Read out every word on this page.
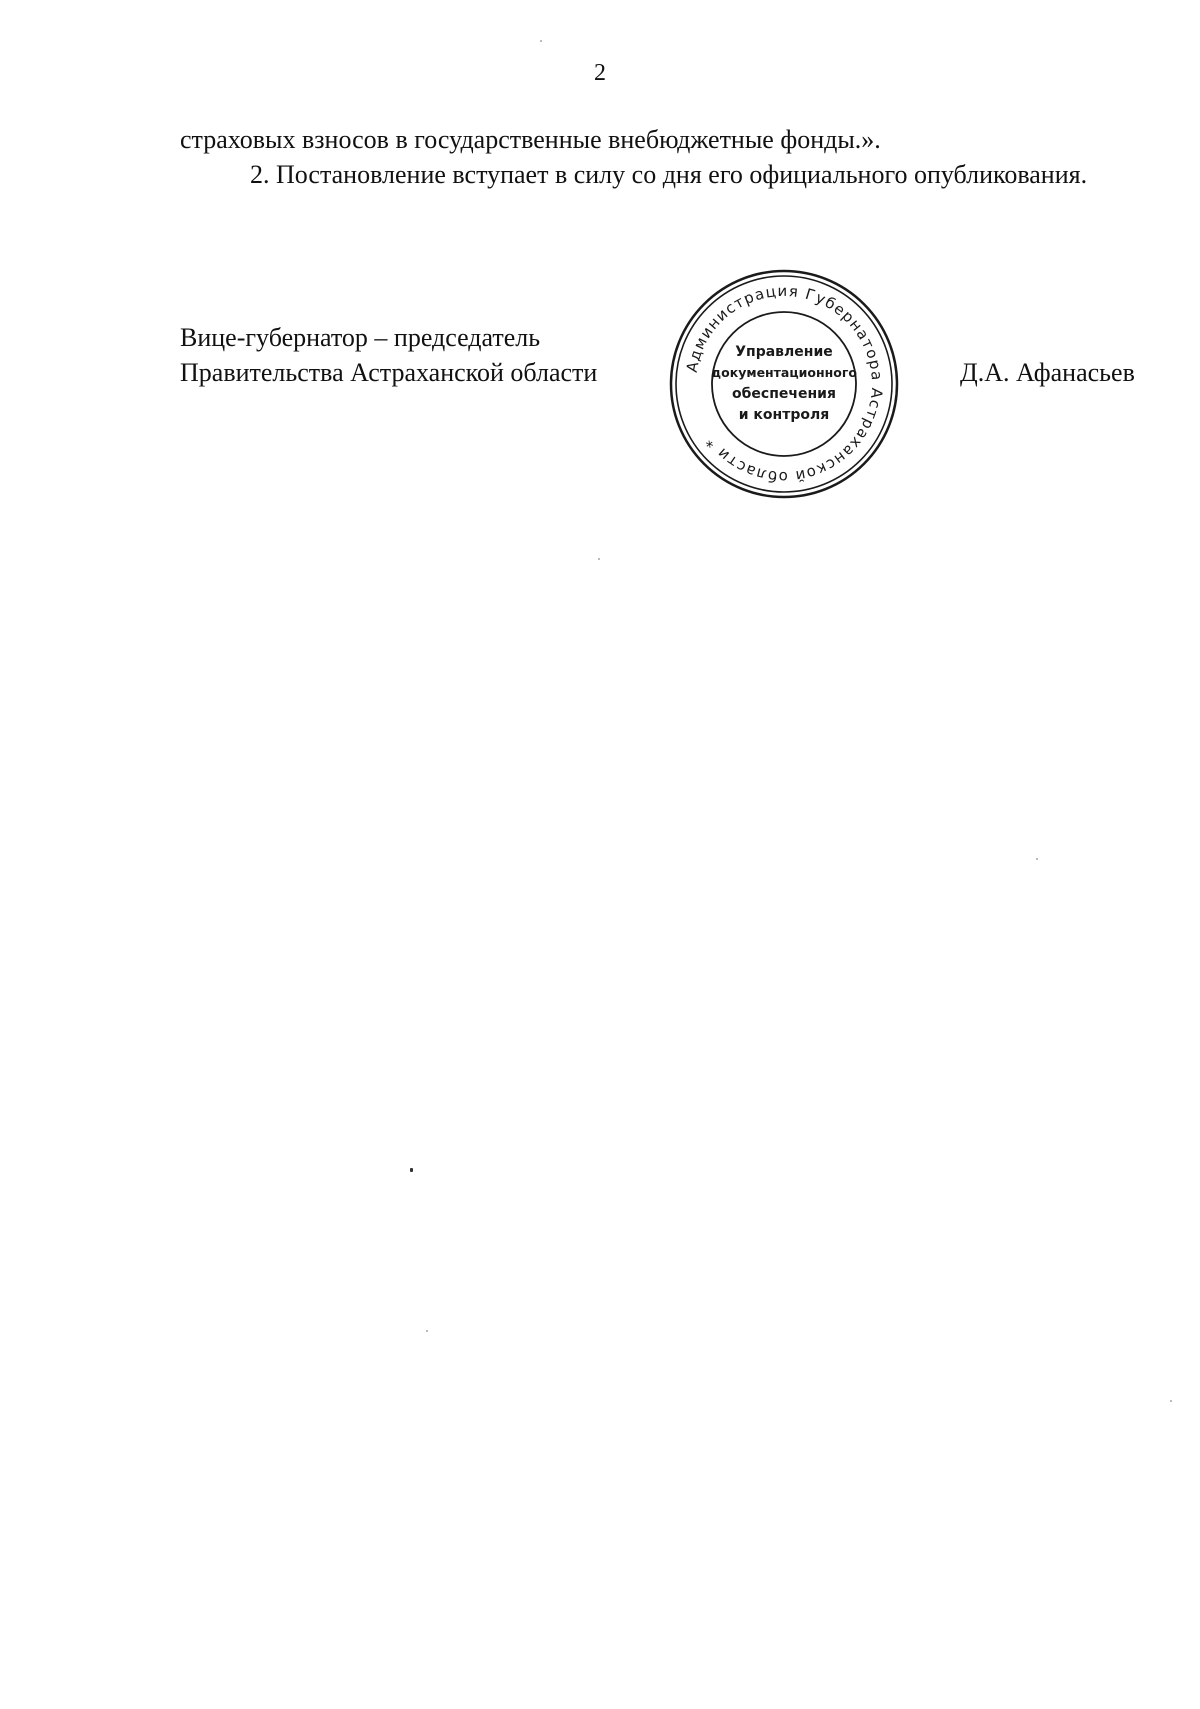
2

страховых взносов в государственные внебюджетные фонды.».

2. Постановление вступает в силу со дня его официального опубликования.

Вице-губернатор – председатель
Правительства Астраханской области	Администрация Губернатора Астраханской области *
Управление
документационного
обеспечения
и контроля
Д.А. Афанасьев
